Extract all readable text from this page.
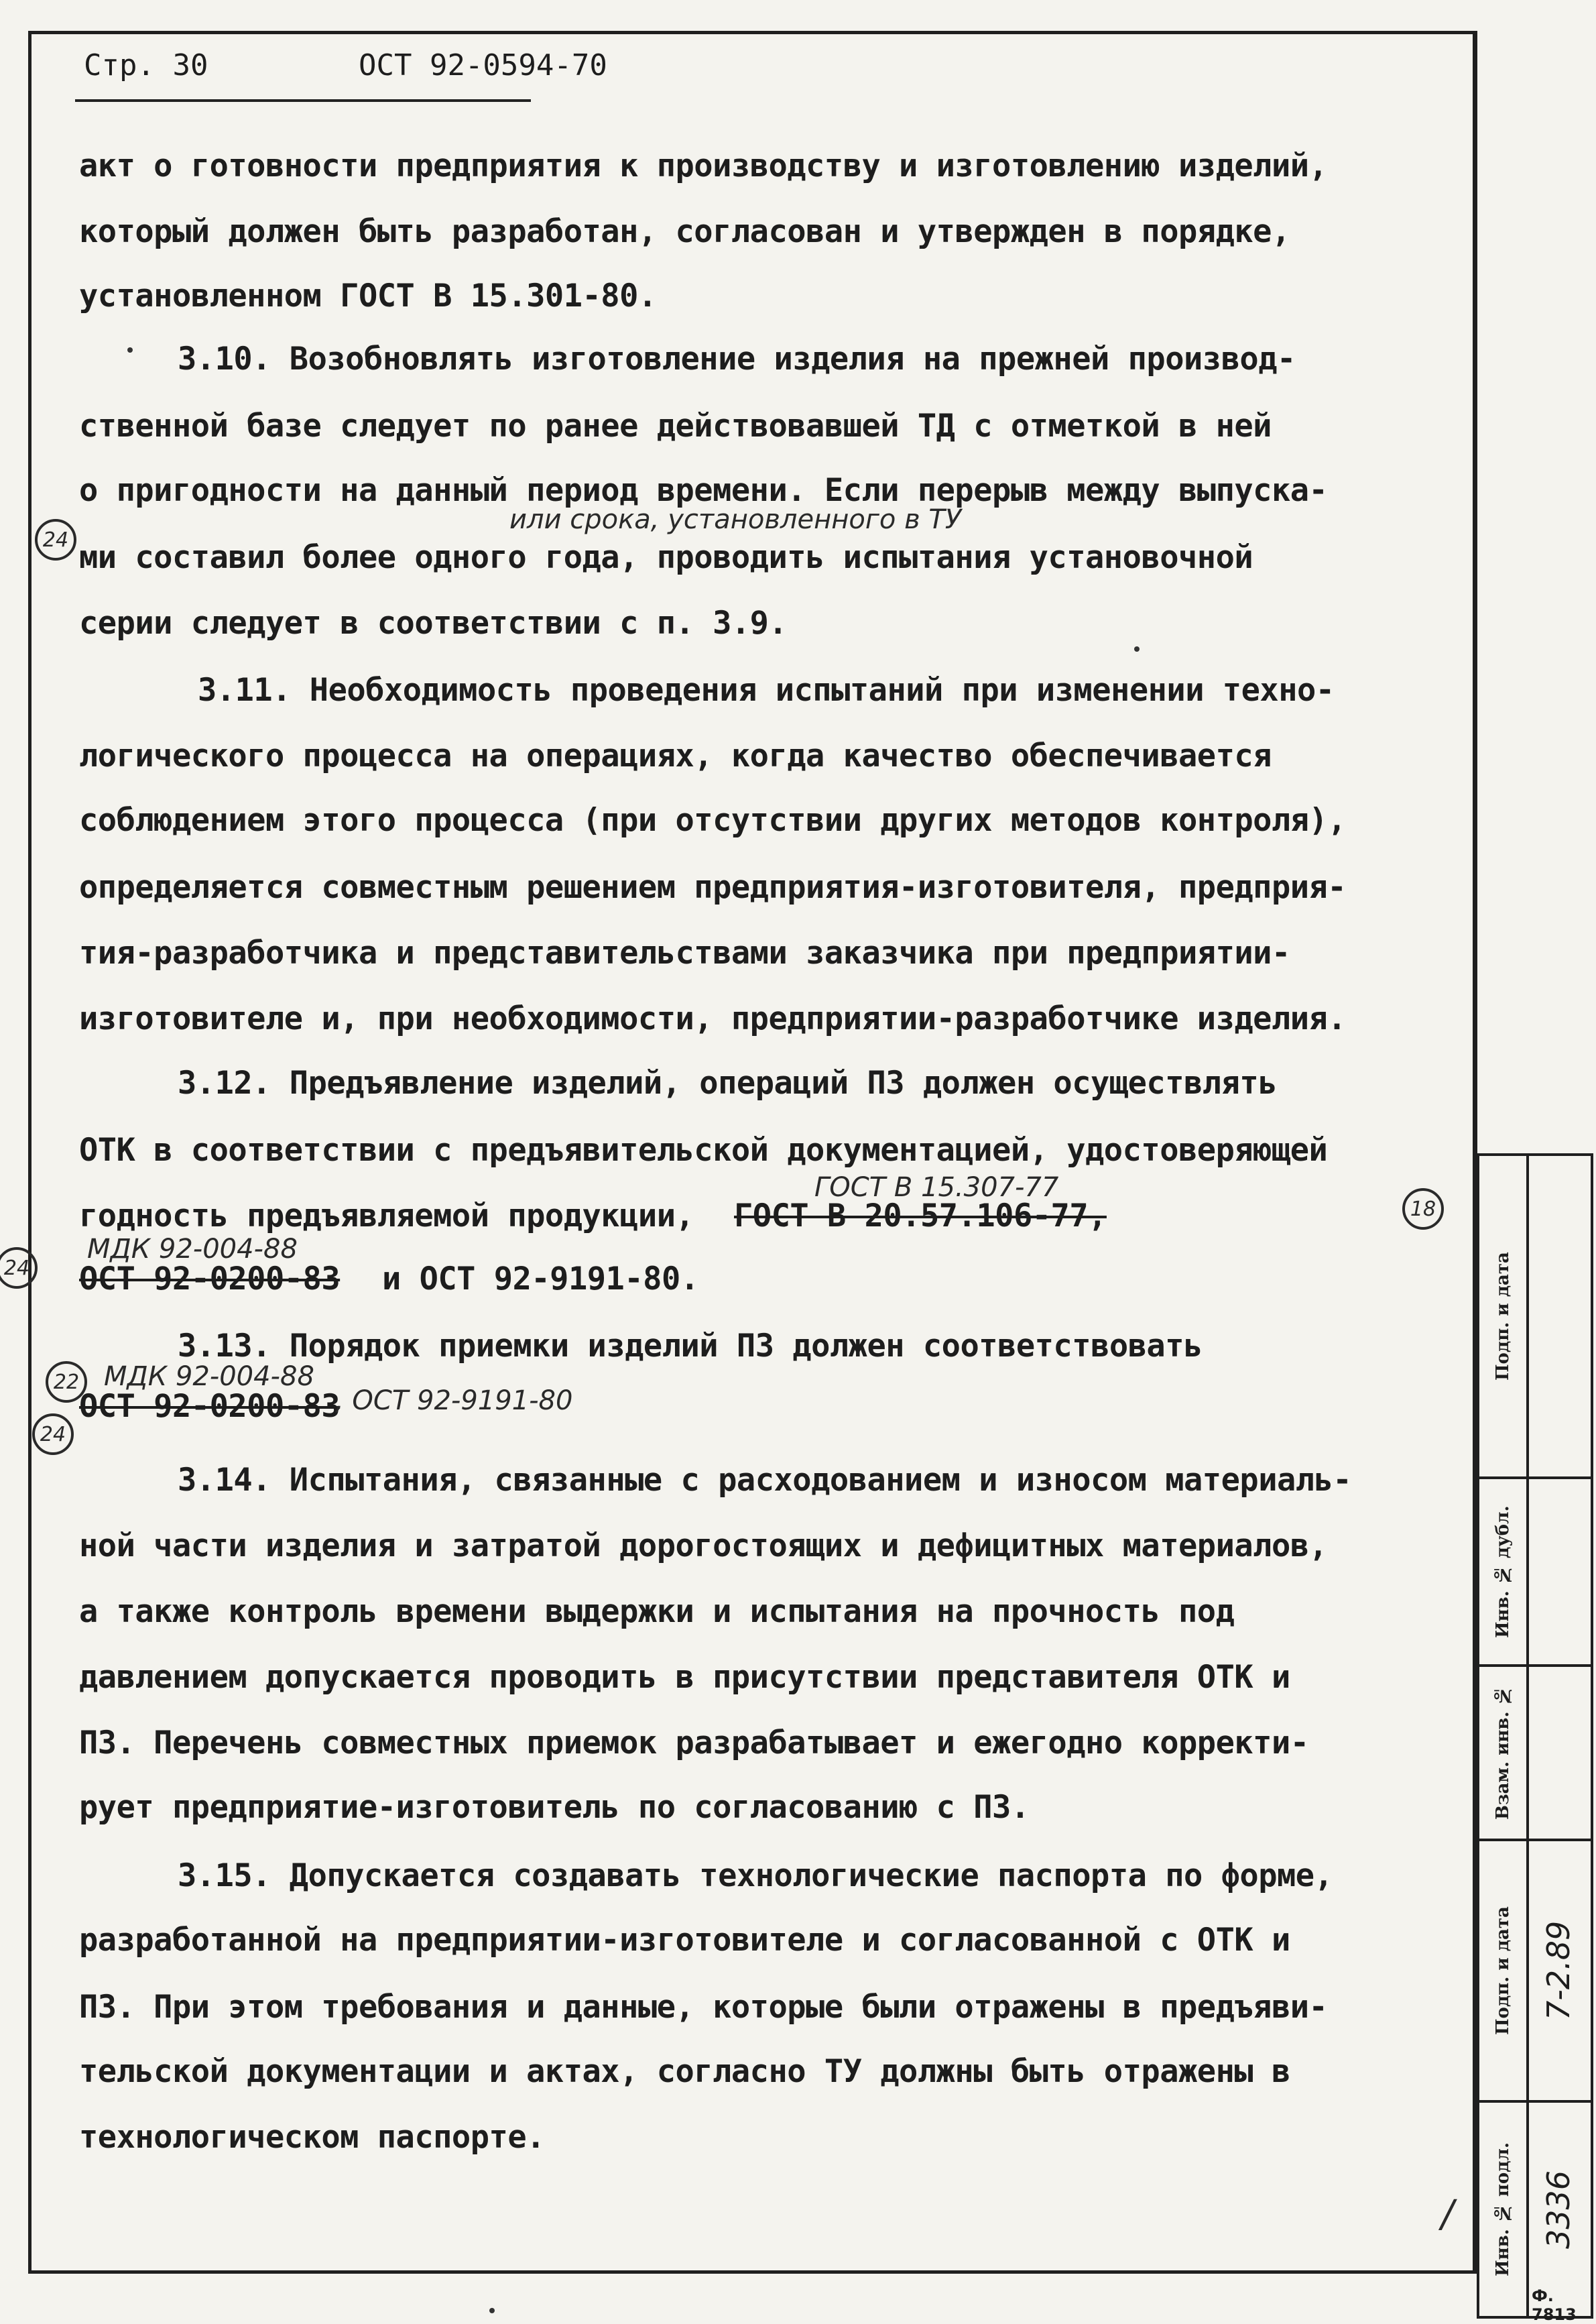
Стр. 30	ОСТ 92-0594-70
акт о готовности предприятия к производству и изготовлению изделий,
который должен быть разработан, согласован и утвержден в порядке,
установленном ГОСТ В 15.301-80.
3.10. Возобновлять изготовление изделия на прежней производ-
ственной базе следует по ранее действовавшей ТД с отметкой в ней
о пригодности на данный период времени. Если перерыв между выпуска-
ми составил более одного года, проводить испытания установочной
серии следует в соответствии с п. 3.9.
3.11. Необходимость проведения испытаний при изменении техно-
логического процесса на операциях, когда качество обеспечивается
соблюдением этого процесса (при отсутствии других методов контроля),
определяется совместным решением предприятия-изготовителя, предприя-
тия-разработчика и представительствами заказчика при предприятии-
изготовителе и, при необходимости, предприятии-разработчике изделия.
3.12. Предъявление изделий, операций ПЗ должен осуществлять
ОТК в соответствии с предъявительской документацией, удостоверяющей
годность предъявляемой продукции, ГОСТ В 20.57.106-77,
ОСТ 92-0200-83 и ОСТ 92-9191-80.
3.13. Порядок приемки изделий ПЗ должен соответствовать
ОСТ 92-0200-83
3.14. Испытания, связанные с расходованием и износом материаль-
ной части изделия и затратой дорогостоящих и дефицитных материалов,
а также контроль времени выдержки и испытания на прочность под
давлением допускается проводить в присутствии представителя ОТК и
ПЗ. Перечень совместных приемок разрабатывает и ежегодно корректи-
рует предприятие-изготовитель по согласованию с ПЗ.
3.15. Допускается создавать технологические паспорта по форме,
разработанной на предприятии-изготовителе и согласованной с ОТК и
ПЗ. При этом требования и данные, которые были отражены в предъяви-
тельской документации и актах, согласно ТУ должны быть отражены в
технологическом паспорте.
или срока, установленного в ТУ
ГОСТ В 15.307-77
МДК 92-004-88
МДК 92-004-88
, ОСТ 92-9191-80
/
24
18
24
22
24
Подп. и дата
Инв. № дубл.
Взам. инв. №
Подп. и дата
Инв. № подл.
7-2.89
3336
Ф. 7813
